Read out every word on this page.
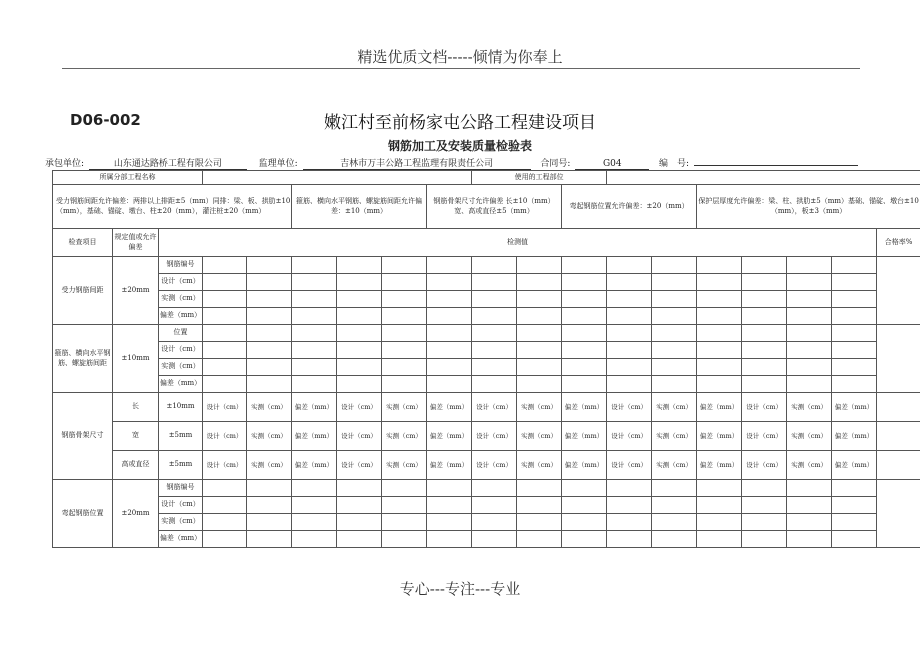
精选优质文档-----倾情为你奉上
D06-002	嫩江村至前杨家屯公路工程建设项目
钢筋加工及安装质量检验表
承包单位:	山东通达路桥工程有限公司	监理单位:	吉林市万丰公路工程监理有限责任公司	合同号:	G04	编　号:
所属分部工程名称									使用的工程部位									
受力钢筋间距允许偏差：两排以上排距±5（mm）同排：梁、板、拱肋±10（mm），基础、锚碇、墩台、柱±20（mm），灌注桩±20（mm）					箍筋、横向水平钢筋、螺旋筋间距允许偏差：±10（mm）			钢筋骨架尺寸允许偏差 长±10（mm）宽、高或直径±5（mm）			弯起钢筋位置允许偏差：±20（mm）			保护层厚度允许偏差：梁、柱、拱肋±5（mm）基础、锚碇、墩台±10（mm），板±3（mm）				
检查项目	规定值或允许偏差	检测值																合格率%
受力钢筋间距	±20mm	钢筋编号																
		设计（cm）																
		实测（cm）																
		偏差（mm）																
箍筋、横向水平钢筋、螺旋筋间距	±10mm	位置																
		设计（cm）																
		实测（cm）																
		偏差（mm）																
钢筋骨架尺寸	长	±10mm	设计（cm）	实测（cm）	偏差（mm）	设计（cm）	实测（cm）	偏差（mm）	设计（cm）	实测（cm）	偏差（mm）	设计（cm）	实测（cm）	偏差（mm）	设计（cm）	实测（cm）	偏差（mm）	
	宽	±5mm	设计（cm）	实测（cm）	偏差（mm）	设计（cm）	实测（cm）	偏差（mm）	设计（cm）	实测（cm）	偏差（mm）	设计（cm）	实测（cm）	偏差（mm）	设计（cm）	实测（cm）	偏差（mm）	
	高或直径	±5mm	设计（cm）	实测（cm）	偏差（mm）	设计（cm）	实测（cm）	偏差（mm）	设计（cm）	实测（cm）	偏差（mm）	设计（cm）	实测（cm）	偏差（mm）	设计（cm）	实测（cm）	偏差（mm）	
弯起钢筋位置	±20mm	钢筋编号																
		设计（cm）																
		实测（cm）																
		偏差（mm）																
专心---专注---专业
